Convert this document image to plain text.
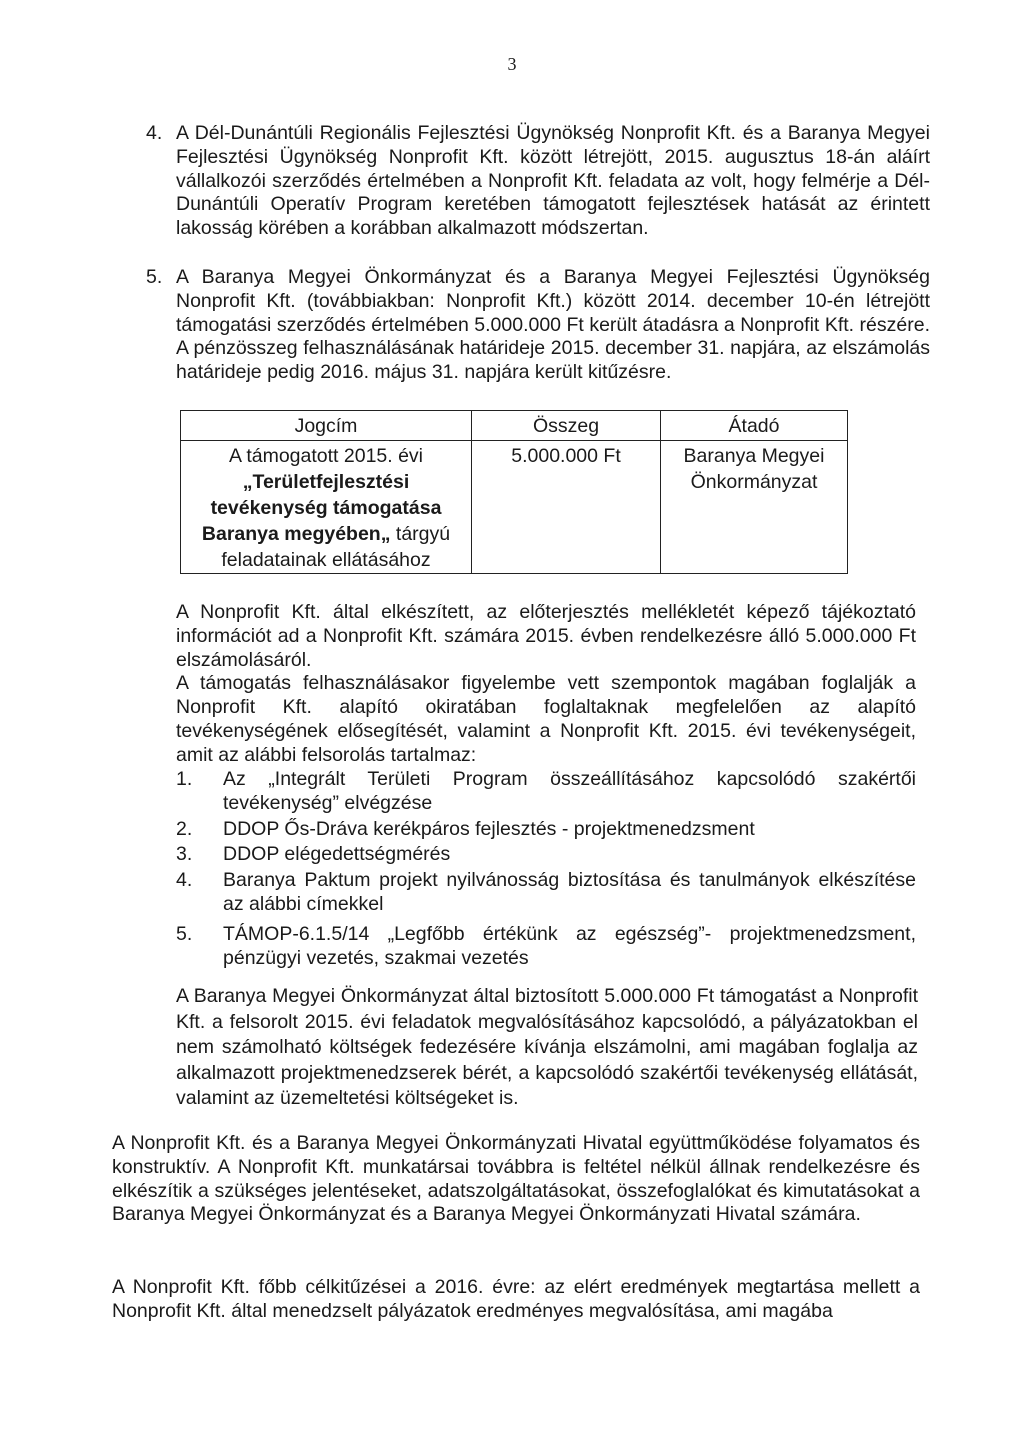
3
4. A Dél-Dunántúli Regionális Fejlesztési Ügynökség Nonprofit Kft. és a Baranya Megyei Fejlesztési Ügynökség Nonprofit Kft. között létrejött, 2015. augusztus 18-án aláírt vállalkozói szerződés értelmében a Nonprofit Kft. feladata az volt, hogy felmérje a Dél-Dunántúli Operatív Program keretében támogatott fejlesztések hatását az érintett lakosság körében a korábban alkalmazott módszertan.
5. A Baranya Megyei Önkormányzat és a Baranya Megyei Fejlesztési Ügynökség Nonprofit Kft. (továbbiakban: Nonprofit Kft.) között 2014. december 10-én létrejött támogatási szerződés értelmében 5.000.000 Ft került átadásra a Nonprofit Kft. részére. A pénzösszeg felhasználásának határideje 2015. december 31. napjára, az elszámolás határideje pedig 2016. május 31. napjára került kitűzésre.
Jogcím	Összeg	Átadó

A támogatott 2015. évi
„Területfejlesztési
tevékenység támogatása
Baranya megyében„ tárgyú
feladatainak ellátásához	5.000.000 Ft	Baranya Megyei
Önkormányzat

A Nonprofit Kft. által elkészített, az előterjesztés mellékletét képező tájékoztató információt ad a Nonprofit Kft. számára 2015. évben rendelkezésre álló 5.000.000 Ft elszámolásáról.

A támogatás felhasználásakor figyelembe vett szempontok magában foglalják a Nonprofit Kft. alapító okiratában foglaltaknak megfelelően az alapító tevékenységének elősegítését, valamint a Nonprofit Kft. 2015. évi tevékenységeit, amit az alábbi felsorolás tartalmaz:

1. Az „Integrált Területi Program összeállításához kapcsolódó szakértői tevékenység” elvégzése
2. DDOP Ős-Dráva kerékpáros fejlesztés - projektmenedzsment
3. DDOP elégedettségmérés
4. Baranya Paktum projekt nyilvánosság biztosítása és tanulmányok elkészítése az alábbi címekkel
5. TÁMOP-6.1.5/14 „Legfőbb értékünk az egészség”- projektmenedzsment, pénzügyi vezetés, szakmai vezetés

A Baranya Megyei Önkormányzat által biztosított 5.000.000 Ft támogatást a Nonprofit Kft. a felsorolt 2015. évi feladatok megvalósításához kapcsolódó, a pályázatokban el nem számolható költségek fedezésére kívánja elszámolni, ami magában foglalja az alkalmazott projektmenedzserek bérét, a kapcsolódó szakértői tevékenység ellátását, valamint az üzemeltetési költségeket is.

A Nonprofit Kft. és a Baranya Megyei Önkormányzati Hivatal együttműködése folyamatos és konstruktív. A Nonprofit Kft. munkatársai továbbra is feltétel nélkül állnak rendelkezésre és elkészítik a szükséges jelentéseket, adatszolgáltatásokat, összefoglalókat és kimutatásokat a Baranya Megyei Önkormányzat és a Baranya Megyei Önkormányzati Hivatal számára.

A Nonprofit Kft. főbb célkitűzései a 2016. évre: az elért eredmények megtartása mellett a Nonprofit Kft. által menedzselt pályázatok eredményes megvalósítása, ami magába
